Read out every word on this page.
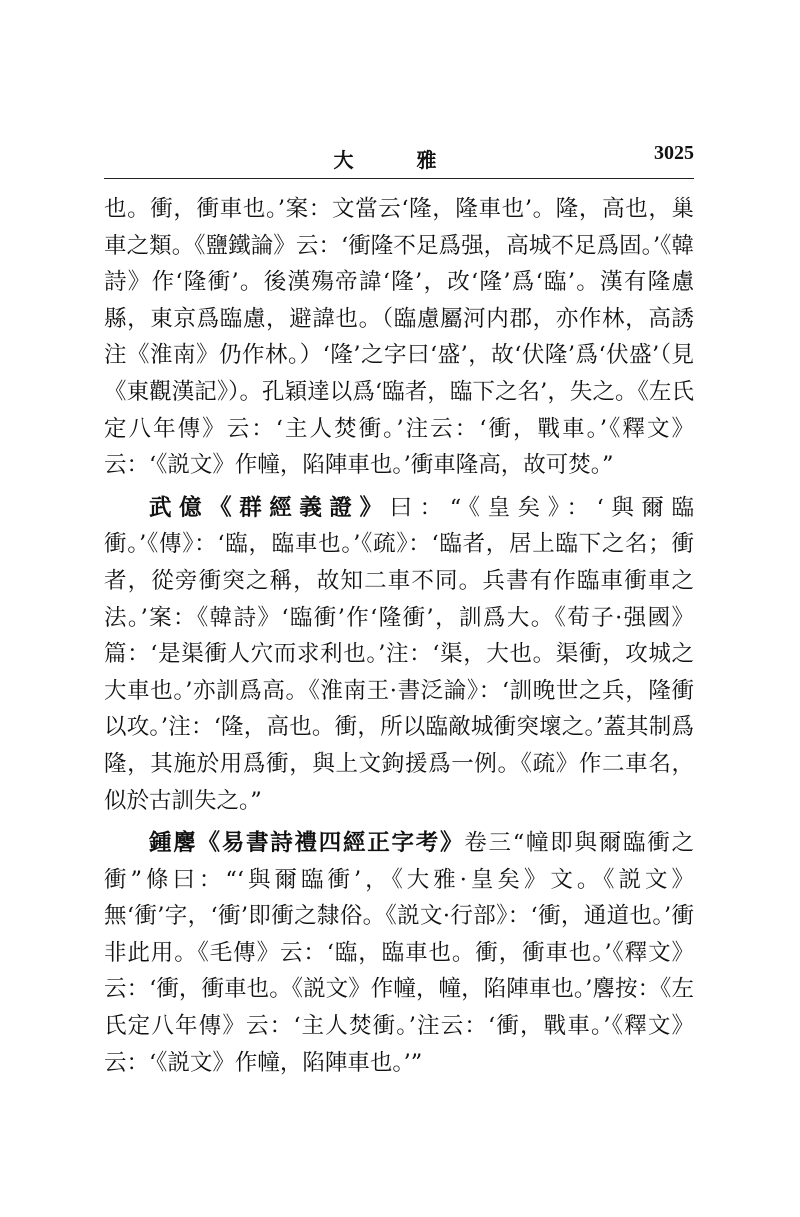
大 雅	3025

也。衝，衝車也。’案：文當云‘隆，隆車也’。隆，高也，巢車之類。《鹽鐵論》云：‘衝隆不足爲强，高城不足爲固。’《韓詩》作‘隆衝’。後漢殤帝諱‘隆’，改‘隆’爲‘臨’。漢有隆慮縣，東京爲臨慮，避諱也。（臨慮屬河内郡，亦作林，高誘注《淮南》仍作林。）‘隆’之字曰‘盛’，故‘伏隆’爲‘伏盛’（見《東觀漢記》）。孔穎達以爲‘臨者，臨下之名’，失之。《左氏定八年傳》云：‘主人焚衝。’注云：‘衝，戰車。’《釋文》云：‘《説文》作幢，陷陣車也。’衝車隆高，故可焚。”

武億《群經義證》曰：“《皇矣》：‘與爾臨衝。’《傳》：‘臨，臨車也。’《疏》：‘臨者，居上臨下之名；衝者，從旁衝突之稱，故知二車不同。兵書有作臨車衝車之法。’案：《韓詩》‘臨衝’作‘隆衝’，訓爲大。《荀子·强國》篇：‘是渠衝人穴而求利也。’注：‘渠，大也。渠衝，攻城之大車也。’亦訓爲高。《淮南王·書泛論》：‘訓晚世之兵，隆衝以攻。’注：‘隆，高也。衝，所以臨敵城衝突壞之。’蓋其制爲隆，其施於用爲衝，與上文鉤援爲一例。《疏》作二車名，似於古訓失之。”

鍾麐《易書詩禮四經正字考》卷三“幢即與爾臨衝之衝”條曰：“‘與爾臨衝’，《大雅·皇矣》文。《説文》無‘衝’字，‘衝’即衝之隸俗。《説文·行部》：‘衝，通道也。’衝非此用。《毛傳》云：‘臨，臨車也。衝，衝車也。’《釋文》云：‘衝，衝車也。《説文》作幢，幢，陷陣車也。’麐按：《左氏定八年傳》云：‘主人焚衝。’注云：‘衝，戰車。’《釋文》云：‘《説文》作幢，陷陣車也。’”
